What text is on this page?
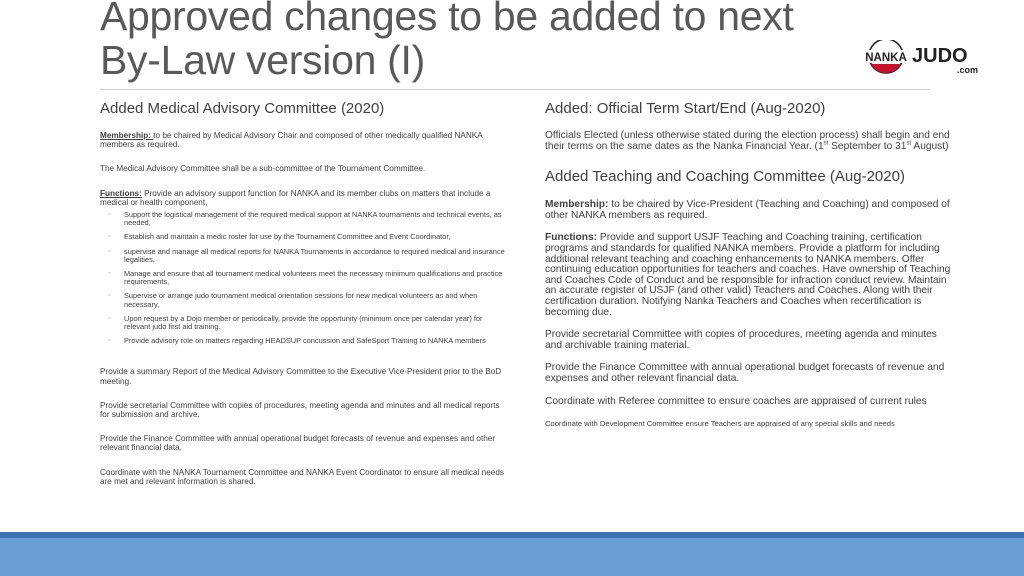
Approved changes to be added to next By-Law version (I)	NANKA JUDO
.com
Added Medical Advisory Committee (2020)

Membership: to be chaired by Medical Advisory Chair and composed of other medically qualified NANKA members as required.

The Medical Advisory Committee shall be a sub-committee of the Tournament Committee.

Functions: Provide an advisory support function for NANKA and its member clubs on matters that include a medical or health component,

◦ Support the logistical management of the required medical support at NANKA tournaments and technical events, as needed,
◦ Establish and maintain a medic roster for use by the Tournament Committee and Event Coordinator,
◦ supervise and manage all medical reports for NANKA Tournaments in accordance to required medical and insurance legalities,
◦ Manage and ensure that all tournament medical volunteers meet the necessary minimum qualifications and practice requirements,
◦ Supervise or arrange judo tournament medical orientation sessions for new medical volunteers as and when necessary,
◦ Upon request by a Dojo member or periodically, provide the opportunity (minimum once per calendar year) for relevant judo first aid training.
◦ Provide advisory role on matters regarding HEADSUP concussion and SafeSport Training to NANKA members

Provide a summary Report of the Medical Advisory Committee to the Executive Vice-President prior to the BoD meeting.

Provide secretarial Committee with copies of procedures, meeting agenda and minutes and all medical reports for submission and archive.

Provide the Finance Committee with annual operational budget forecasts of revenue and expenses and other relevant financial data.

Coordinate with the NANKA Tournament Committee and NANKA Event Coordinator to ensure all medical needs are met and relevant information is shared.

Added: Official Term Start/End (Aug-2020)

Officials Elected (unless otherwise stated during the election process) shall begin and end their terms on the same dates as the Nanka Financial Year. (1st September to 31st August)

Added Teaching and Coaching Committee (Aug-2020)

Membership: to be chaired by Vice-President (Teaching and Coaching) and composed of other NANKA members as required.

Functions: Provide and support USJF Teaching and Coaching training, certification programs and standards for qualified NANKA members. Provide a platform for including additional relevant teaching and coaching enhancements to NANKA members. Offer continuing education opportunities for teachers and coaches. Have ownership of Teaching and Coaches Code of Conduct and be responsible for infraction conduct review. Maintain an accurate register of USJF (and other valid) Teachers and Coaches. Along with their certification duration. Notifying Nanka Teachers and Coaches when recertification is becoming due.

Provide secretarial Committee with copies of procedures, meeting agenda and minutes and archivable training material.

Provide the Finance Committee with annual operational budget forecasts of revenue and expenses and other relevant financial data.

Coordinate with Referee committee to ensure coaches are appraised of current rules

Coordinate with Development Committee ensure Teachers are appraised of any special skills and needs
